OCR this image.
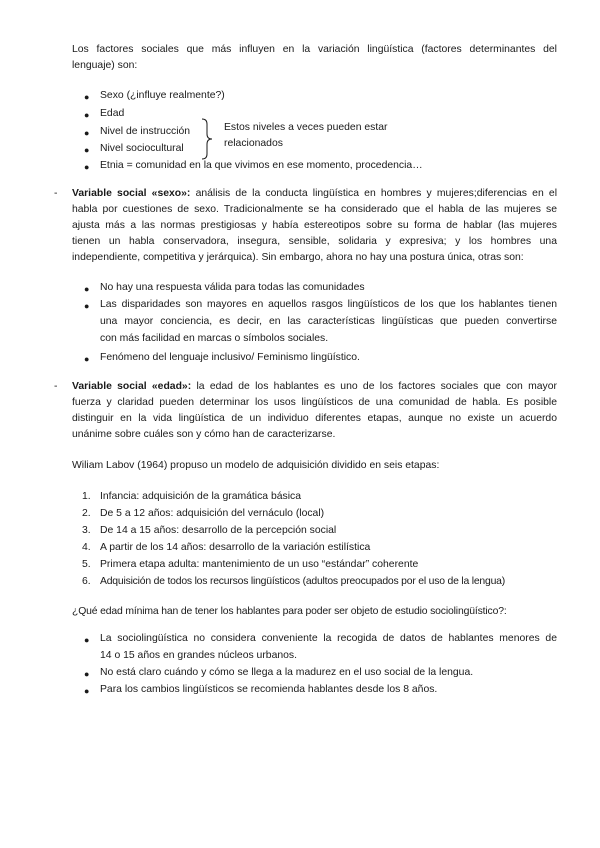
Los factores sociales que más influyen en la variación lingüística (factores determinantes del
lenguaje) son:
● Sexo (¿influye realmente?)
● Edad
● Nivel de instrucción
● Nivel sociocultural
● Etnia = comunidad en la que vivimos en ese momento, procedencia…
Estos niveles a veces pueden estar
relacionados
- Variable social «sexo»: análisis de la conducta lingüística en hombres y mujeres;diferencias en el
habla por cuestiones de sexo. Tradicionalmente se ha considerado que el habla de las mujeres se
ajusta más a las normas prestigiosas y había estereotipos sobre su forma de hablar (las mujeres
tienen un habla conservadora, insegura, sensible, solidaria y expresiva; y los hombres una
independiente, competitiva y jerárquica). Sin embargo, ahora no hay una postura única, otras son:
● No hay una respuesta válida para todas las comunidades
● Las disparidades son mayores en aquellos rasgos lingüísticos de los que los hablantes tienen
una mayor conciencia, es decir, en las características lingüísticas que pueden convertirse
con más facilidad en marcas o símbolos sociales.
● Fenómeno del lenguaje inclusivo/ Feminismo lingüístico.
- Variable social «edad»: la edad de los hablantes es uno de los factores sociales que con mayor
fuerza y claridad pueden determinar los usos lingüísticos de una comunidad de habla. Es posible
distinguir en la vida lingüística de un individuo diferentes etapas, aunque no existe un acuerdo
unánime sobre cuáles son y cómo han de caracterizarse.
Wiliam Labov (1964) propuso un modelo de adquisición dividido en seis etapas:
1. Infancia: adquisición de la gramática básica
2. De 5 a 12 años: adquisición del vernáculo (local)
3. De 14 a 15 años: desarrollo de la percepción social
4. A partir de los 14 años: desarrollo de la variación estilística
5. Primera etapa adulta: mantenimiento de un uso “estándar” coherente
6. Adquisición de todos los recursos lingüísticos (adultos preocupados por el uso de la lengua)
¿Qué edad mínima han de tener los hablantes para poder ser objeto de estudio sociolingüístico?:
● La sociolingüística no considera conveniente la recogida de datos de hablantes menores de
14 o 15 años en grandes núcleos urbanos.
● No está claro cuándo y cómo se llega a la madurez en el uso social de la lengua.
● Para los cambios lingüísticos se recomienda hablantes desde los 8 años.
